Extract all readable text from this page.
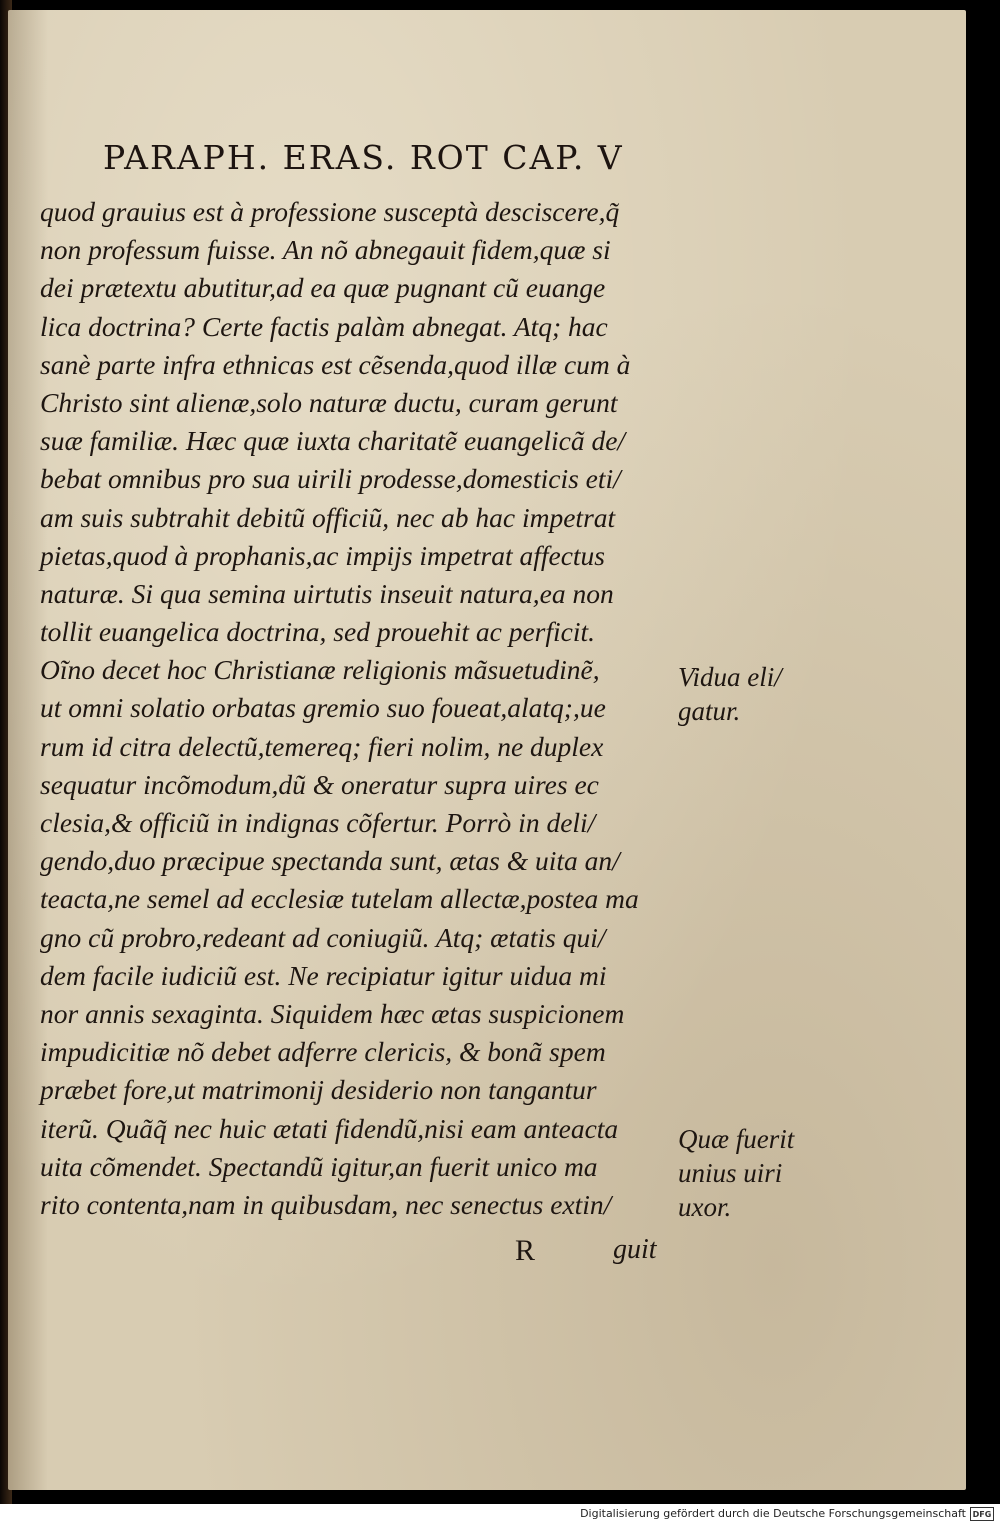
PARAPH. ERAS. ROT CAP. V
quod grauius est à professione susceptà desciscere,q̃
non professum fuisse. An nõ abnegauit fidem,quæ si
dei prætextu abutitur,ad ea quæ pugnant cũ euange
lica doctrina? Certe factis palàm abnegat. Atq; hac
sanè parte infra ethnicas est cẽsenda,quod illæ cum à
Christo sint alienæ,solo naturæ ductu, curam gerunt
suæ familiæ. Hæc quæ iuxta charitatẽ euangelicã de/
bebat omnibus pro sua uirili prodesse,domesticis eti/
am suis subtrahit debitũ officiũ, nec ab hac impetrat
pietas,quod à prophanis,ac impijs impetrat affectus
naturæ. Si qua semina uirtutis inseuit natura,ea non
tollit euangelica doctrina, sed prouehit ac perficit.
Oĩno decet hoc Christianæ religionis mãsuetudinẽ,
ut omni solatio orbatas gremio suo foueat,alatq;,ue
rum id citra delectũ,temereq; fieri nolim, ne duplex
sequatur incõmodum,dũ & oneratur supra uires ec
clesia,& officiũ in indignas cõfertur. Porrò in deli/
gendo,duo præcipue spectanda sunt, ætas & uita an/
teacta,ne semel ad ecclesiæ tutelam allectæ,postea ma
gno cũ probro,redeant ad coniugiũ. Atq; ætatis qui/
dem facile iudiciũ est. Ne recipiatur igitur uidua mi
nor annis sexaginta. Siquidem hæc ætas suspicionem
impudicitiæ nõ debet adferre clericis, & bonã spem
præbet fore,ut matrimonij desiderio non tangantur
iterũ. Quãq̃ nec huic ætati fidendũ,nisi eam anteacta
uita cõmendet. Spectandũ igitur,an fuerit unico ma
rito contenta,nam in quibusdam, nec senectus extin/
Vidua eli/
gatur.
Quæ fuerit
unius uiri
uxor.
R	guit
Digitalisierung gefördert durch die Deutsche Forschungsgemeinschaft DFG
